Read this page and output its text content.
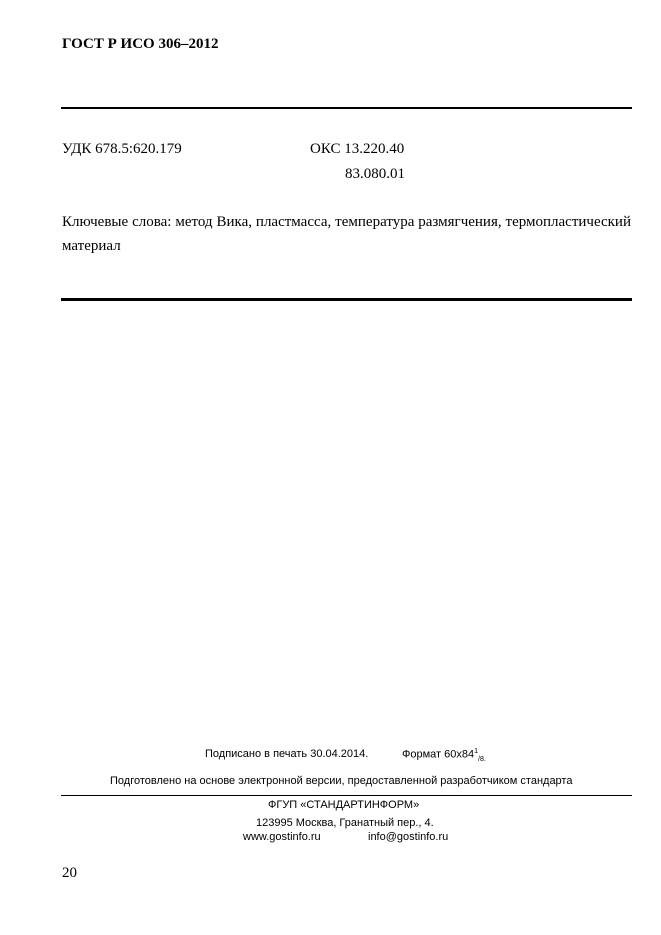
ГОСТ Р ИСО 306–2012
УДК 678.5:620.179	ОКС 13.220.40
83.080.01
Ключевые слова: метод Вика, пластмасса, температура размягчения, термопластический материал
Подписано в печать 30.04.2014.	Формат $60x84^1_{/8.}$
Подготовлено на основе электронной версии, предоставленной разработчиком стандарта
ФГУП «СТАНДАРТИНФОРМ»
123995 Москва, Гранатный пер., 4.
www.gostinfo.ru	info@gostinfo.ru
20
